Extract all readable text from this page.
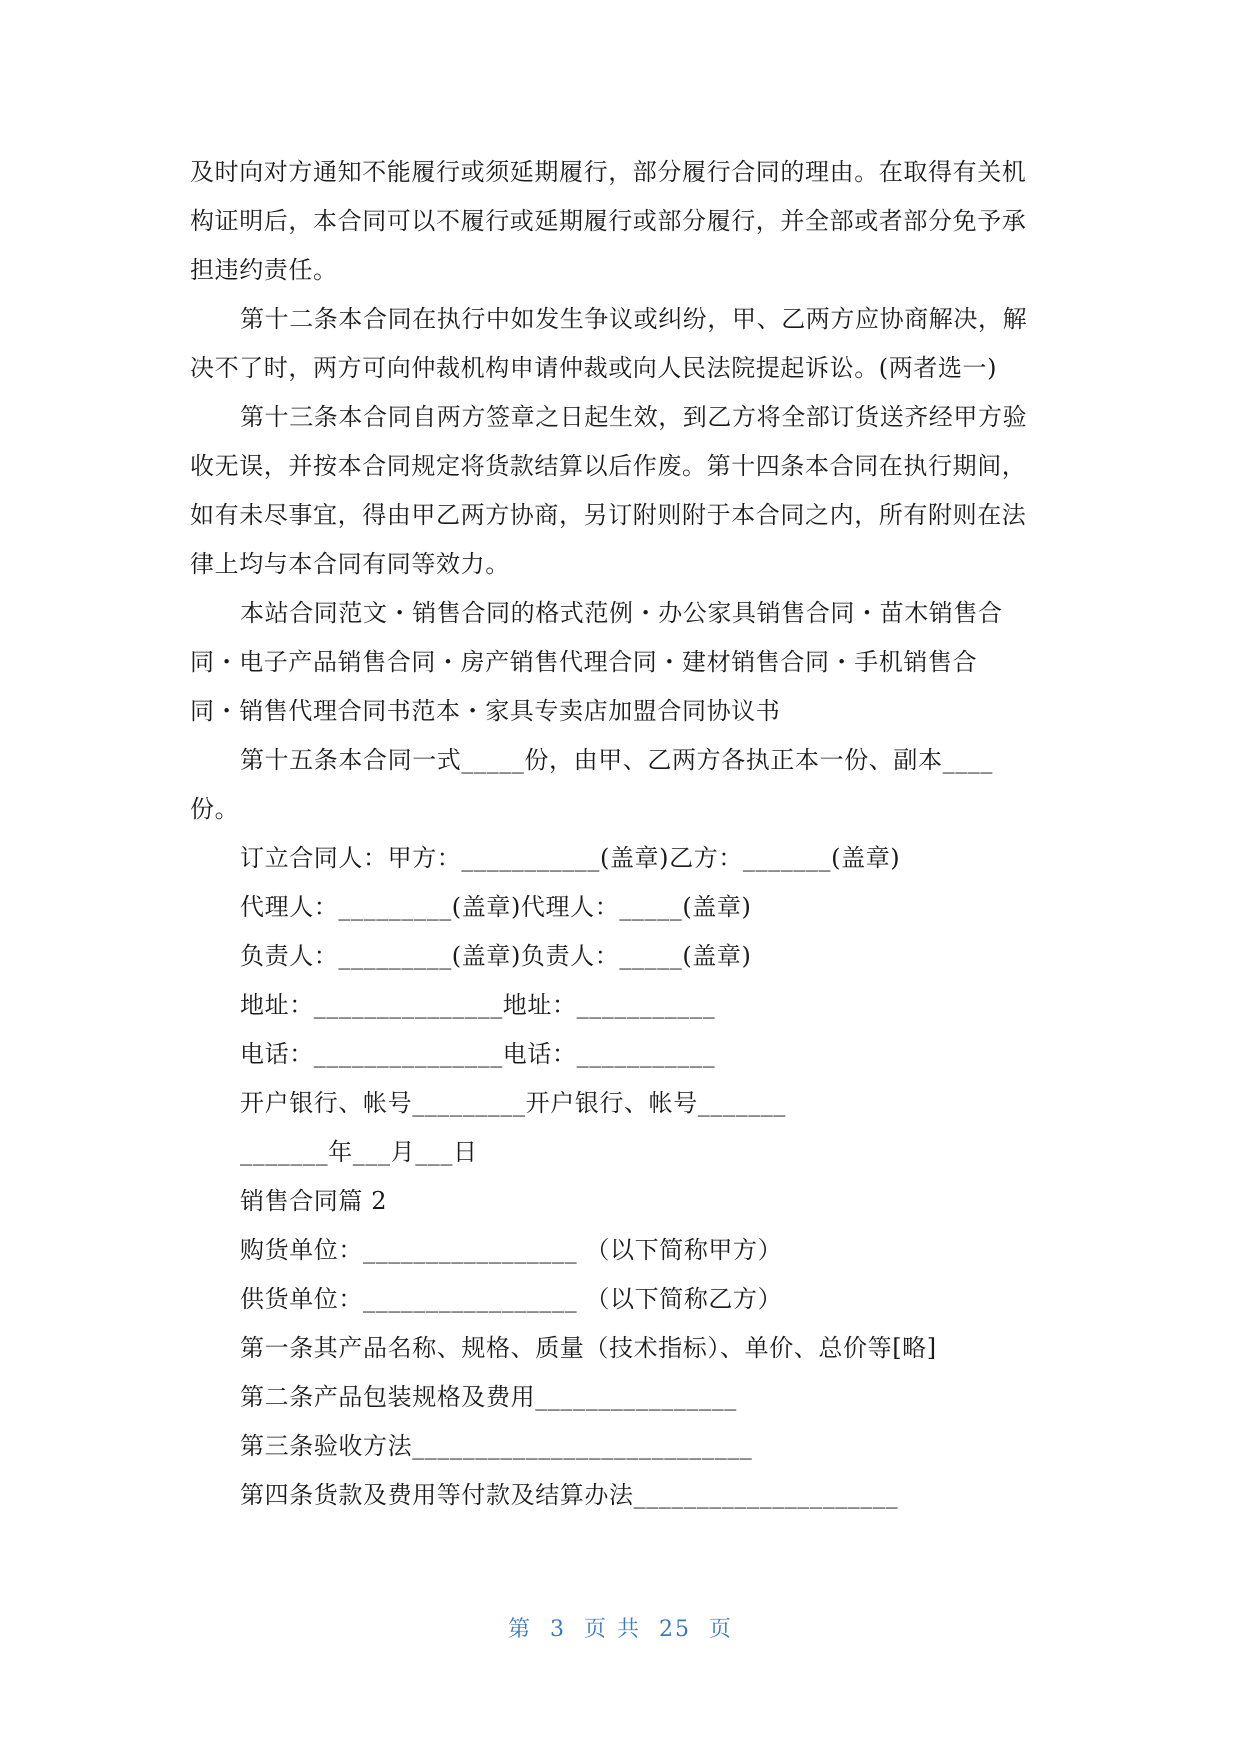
及时向对方通知不能履行或须延期履行，部分履行合同的理由。在取得有关机
构证明后，本合同可以不履行或延期履行或部分履行，并全部或者部分免予承
担违约责任。
第十二条本合同在执行中如发生争议或纠纷，甲、乙两方应协商解决，解
决不了时，两方可向仲裁机构申请仲裁或向人民法院提起诉讼。(两者选一)
第十三条本合同自两方签章之日起生效，到乙方将全部订货送齐经甲方验
收无误，并按本合同规定将货款结算以后作废。第十四条本合同在执行期间，
如有未尽事宜，得由甲乙两方协商，另订附则附于本合同之内，所有附则在法
律上均与本合同有同等效力。
本站合同范文・销售合同的格式范例・办公家具销售合同・苗木销售合
同・电子产品销售合同・房产销售代理合同・建材销售合同・手机销售合
同・销售代理合同书范本・家具专卖店加盟合同协议书
第十五条本合同一式_____份，由甲、乙两方各执正本一份、副本____
份。
订立合同人：甲方：___________(盖章)乙方：_______(盖章)
代理人：_________(盖章)代理人：_____(盖章)
负责人：_________(盖章)负责人：_____(盖章)
地址：_______________地址：___________
电话：_______________电话：___________
开户银行、帐号_________开户银行、帐号_______
_______年___月___日
销售合同篇 2
购货单位：_________________ （以下简称甲方）
供货单位：_________________ （以下简称乙方）
第一条其产品名称、规格、质量（技术指标）、单价、总价等[略]
第二条产品包装规格及费用________________
第三条验收方法___________________________
第四条货款及费用等付款及结算办法_____________________
第  3  页 共  25  页
